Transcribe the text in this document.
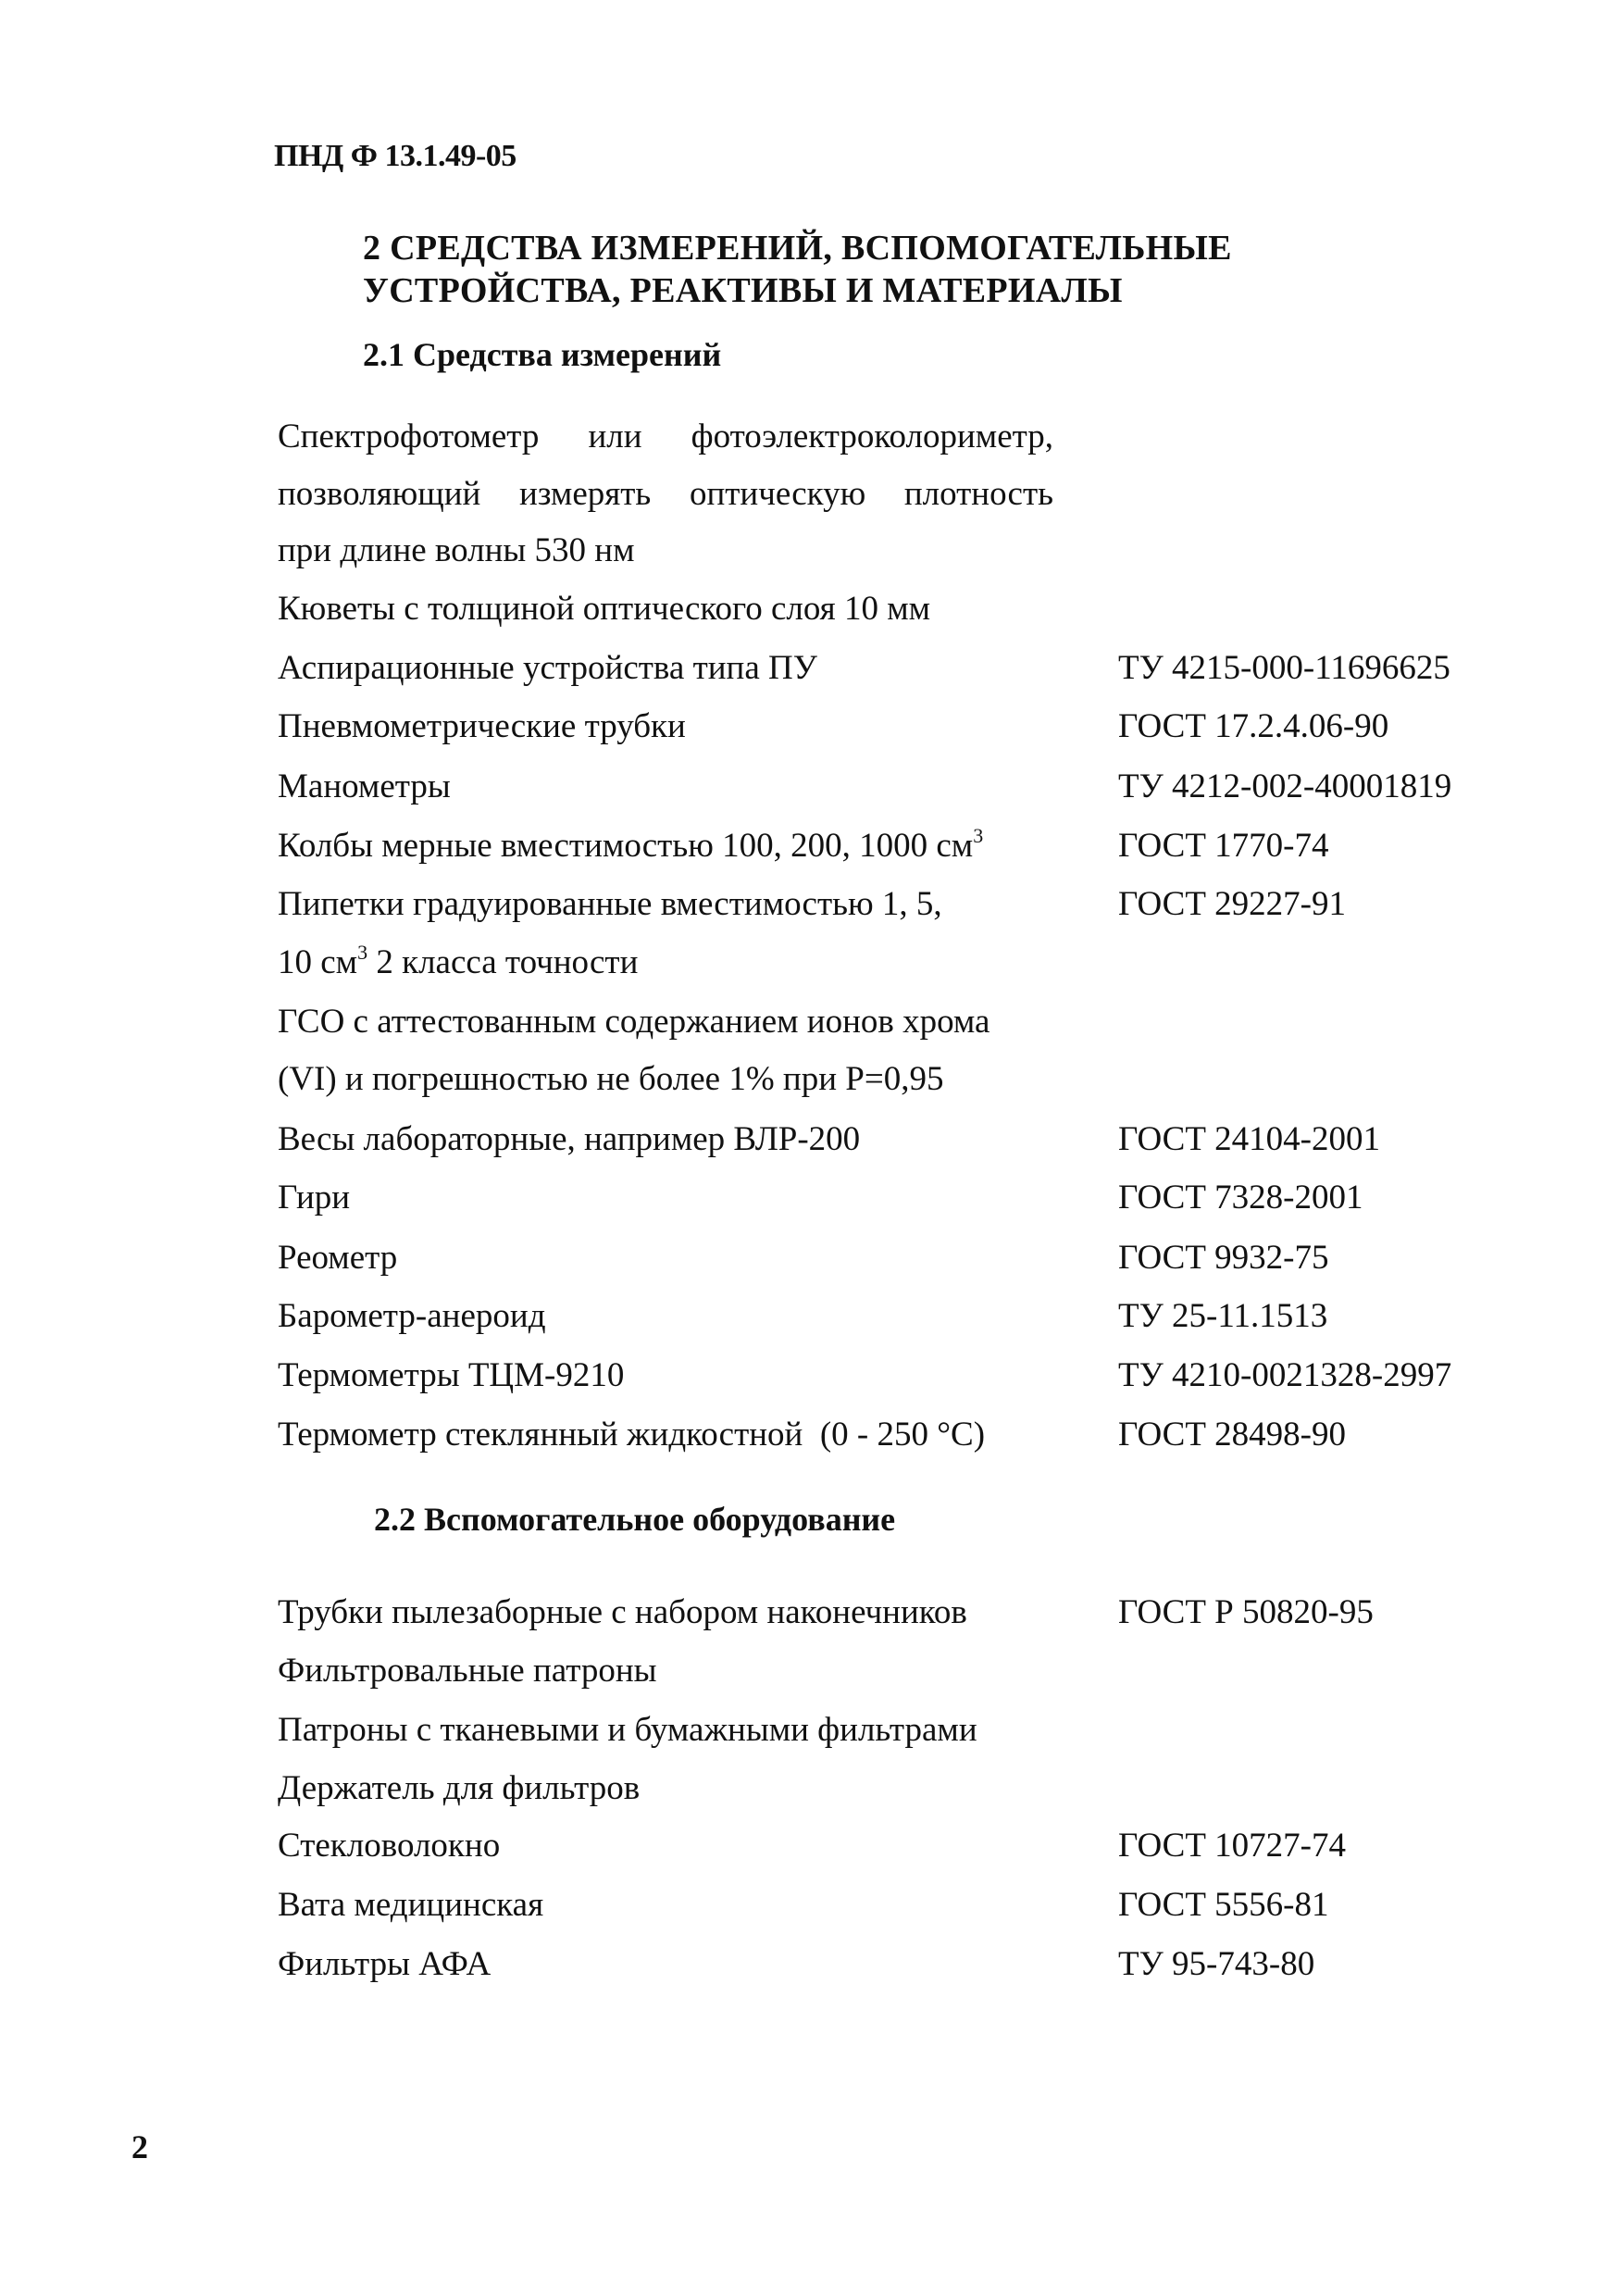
ПНД Ф 13.1.49-05
2 СРЕДСТВА ИЗМЕРЕНИЙ, ВСПОМОГАТЕЛЬНЫЕ
УСТРОЙСТВА, РЕАКТИВЫ И МАТЕРИАЛЫ
2.1 Средства измерений
Спектрофотометр или фотоэлектроколориметр,
позволяющий измерять оптическую плотность
при длине волны 530 нм
Кюветы с толщиной оптического слоя 10 мм
Аспирационные устройства типа ПУ	ТУ 4215-000-11696625
Пневмометрические трубки	ГОСТ 17.2.4.06-90
Манометры	ТУ 4212-002-40001819
Колбы мерные вместимостью 100, 200, 1000 $см^3$	ГОСТ 1770-74
Пипетки градуированные вместимостью 1, 5,	ГОСТ 29227-91
10 $см^3$ 2 класса точности
ГСО с аттестованным содержанием ионов хрома
(VI) и погрешностью не более 1% при Р=0,95
Весы лабораторные, например ВЛР-200	ГОСТ 24104-2001
Гири	ГОСТ 7328-2001
Реометр	ГОСТ 9932-75
Барометр-анероид	ТУ 25-11.1513
Термометры ТЦМ-9210	ТУ 4210-0021328-2997
Термометр стеклянный жидкостной  (0 - 250 °С)	ГОСТ 28498-90
2.2 Вспомогательное оборудование
Трубки пылезаборные с набором наконечников	ГОСТ Р 50820-95
Фильтровальные патроны
Патроны с тканевыми и бумажными фильтрами
Держатель для фильтров
Стекловолокно	ГОСТ 10727-74
Вата медицинская	ГОСТ 5556-81
Фильтры АФА	ТУ 95-743-80
2
